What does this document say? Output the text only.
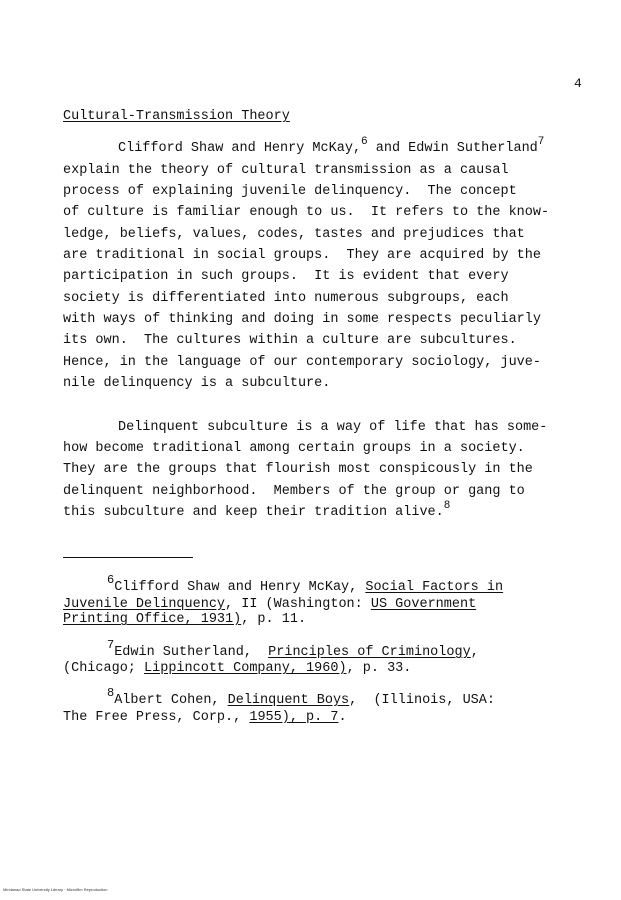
4
Cultural-Transmission Theory
Clifford Shaw and Henry McKay,$^6$ and Edwin Sutherland$^7$
explain the theory of cultural transmission as a causal
process of explaining juvenile delinquency.  The concept
of culture is familiar enough to us.  It refers to the know-
ledge, beliefs, values, codes, tastes and prejudices that
are traditional in social groups.  They are acquired by the
participation in such groups.  It is evident that every
society is differentiated into numerous subgroups, each
with ways of thinking and doing in some respects peculiarly
its own.  The cultures within a culture are subcultures.
Hence, in the language of our contemporary sociology, juve-
nile delinquency is a subculture.
Delinquent subculture is a way of life that has some-
how become traditional among certain groups in a society.
They are the groups that flourish most conspicously in the
delinquent neighborhood.  Members of the group or gang to
this subculture and keep their tradition alive.$^8$
6Clifford Shaw and Henry McKay, Social Factors in
Juvenile Delinquency, II (Washington: US Government
Printing Office, 1931), p. 11.
7Edwin Sutherland,  Principles of Criminology,
(Chicago; Lippincott Company, 1960), p. 33.
8Albert Cohen, Delinquent Boys,  (Illinois, USA:
The Free Press, Corp., 1955), p. 7.
Mindanao State University Library · Microfilm Reproduction
